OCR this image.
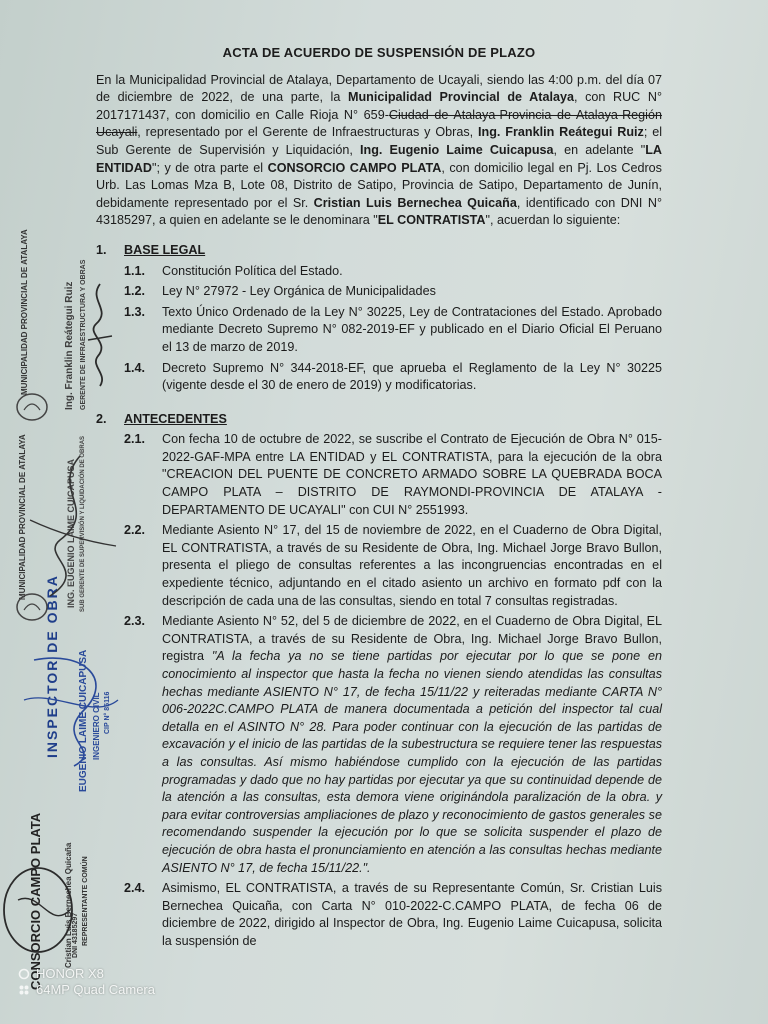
ACTA DE ACUERDO DE SUSPENSIÓN DE PLAZO

En la Municipalidad Provincial de Atalaya, Departamento de Ucayali, siendo las 4:00 p.m. del día 07 de diciembre de 2022, de una parte, la Municipalidad Provincial de Atalaya, con RUC N° 2017171437, con domicilio en Calle Rioja N° 659-Ciudad de Atalaya-Provincia de Atalaya-Región Ucayali, representado por el Gerente de Infraestructuras y Obras, Ing. Franklin Reátegui Ruiz; el Sub Gerente de Supervisión y Liquidación, Ing. Eugenio Laime Cuicapusa, en adelante "LA ENTIDAD"; y de otra parte el CONSORCIO CAMPO PLATA, con domicilio legal en Pj. Los Cedros Urb. Las Lomas Mza B, Lote 08, Distrito de Satipo, Provincia de Satipo, Departamento de Junín, debidamente representado por el Sr. Cristian Luis Bernechea Quicaña, identificado con DNI N° 43185297, a quien en adelante se le denominara "EL CONTRATISTA", acuerdan lo siguiente:

1.	BASE LEGAL
1.1.	Constitución Política del Estado.
1.2.	Ley N° 27972 - Ley Orgánica de Municipalidades
1.3.	Texto Único Ordenado de la Ley N° 30225, Ley de Contrataciones del Estado. Aprobado mediante Decreto Supremo N° 082-2019-EF y publicado en el Diario Oficial El Peruano el 13 de marzo de 2019.
1.4.	Decreto Supremo N° 344-2018-EF, que aprueba el Reglamento de la Ley N° 30225 (vigente desde el 30 de enero de 2019) y modificatorias.
2.	ANTECEDENTES
2.1.	Con fecha 10 de octubre de 2022, se suscribe el Contrato de Ejecución de Obra N° 015-2022-GAF-MPA entre LA ENTIDAD y EL CONTRATISTA, para la ejecución de la obra "CREACION DEL PUENTE DE CONCRETO ARMADO SOBRE LA QUEBRADA BOCA CAMPO PLATA – DISTRITO DE RAYMONDI-PROVINCIA DE ATALAYA -DEPARTAMENTO DE UCAYALI" con CUI N° 2551993.
2.2.	Mediante Asiento N° 17, del 15 de noviembre de 2022, en el Cuaderno de Obra Digital, EL CONTRATISTA, a través de su Residente de Obra, Ing. Michael Jorge Bravo Bullon, presenta el pliego de consultas referentes a las incongruencias encontradas en el expediente técnico, adjuntando en el citado asiento un archivo en formato pdf con la descripción de cada una de las consultas, siendo en total 7 consultas registradas.
2.3.	Mediante Asiento N° 52, del 5 de diciembre de 2022, en el Cuaderno de Obra Digital, EL CONTRATISTA, a través de su Residente de Obra, Ing. Michael Jorge Bravo Bullon, registra "A la fecha ya no se tiene partidas por ejecutar por lo que se pone en conocimiento al inspector que hasta la fecha no vienen siendo atendidas las consultas hechas mediante ASIENTO N° 17, de fecha 15/11/22 y reiteradas mediante CARTA N° 006-2022C.CAMPO PLATA de manera documentada a petición del inspector tal cual detalla en el ASINTO N° 28. Para poder continuar con la ejecución de las partidas de excavación y el inicio de las partidas de la subestructura se requiere tener las respuestas a las consultas. Así mismo habiéndose cumplido con la ejecución de las partidas programadas y dado que no hay partidas por ejecutar ya que su continuidad depende de la atención a las consultas, esta demora viene originándola paralización de la obra. y para evitar controversias ampliaciones de plazo y reconocimiento de gastos generales se recomendando suspender la ejecución por lo que se solicita suspender el plazo de ejecución de obra hasta el pronunciamiento en atención a las consultas hechas mediante ASIENTO N° 17, de fecha 15/11/22.".
2.4.	Asimismo, EL CONTRATISTA, a través de su Representante Común, Sr. Cristian Luis Bernechea Quicaña, con Carta N° 010-2022-C.CAMPO PLATA, de fecha 06 de diciembre de 2022, dirigido al Inspector de Obra, Ing. Eugenio Laime Cuicapusa, solicita la suspensión de
MUNICIPALIDAD PROVINCIAL DE ATALAYA	Ing. Franklin Reátegui Ruiz GERENTE DE INFRAESTRUCTURA Y OBRAS
MUNICIPALIDAD PROVINCIAL DE ATALAYA	ING. EUGENIO LAIME CUICAPUSA SUB GERENTE DE SUPERVISIÓN Y LIQUIDACIÓN DE OBRAS
INSPECTOR DE OBRA EUGENIO LAIME CUICAPUSA INGENIERO CIVIL CIP N° 85116
CONSORCIO CAMPO PLATA	Cristian Luis Bernechea Quicaña DNI 43185297 REPRESENTANTE COMÚN
HONOR X8
64MP Quad Camera
